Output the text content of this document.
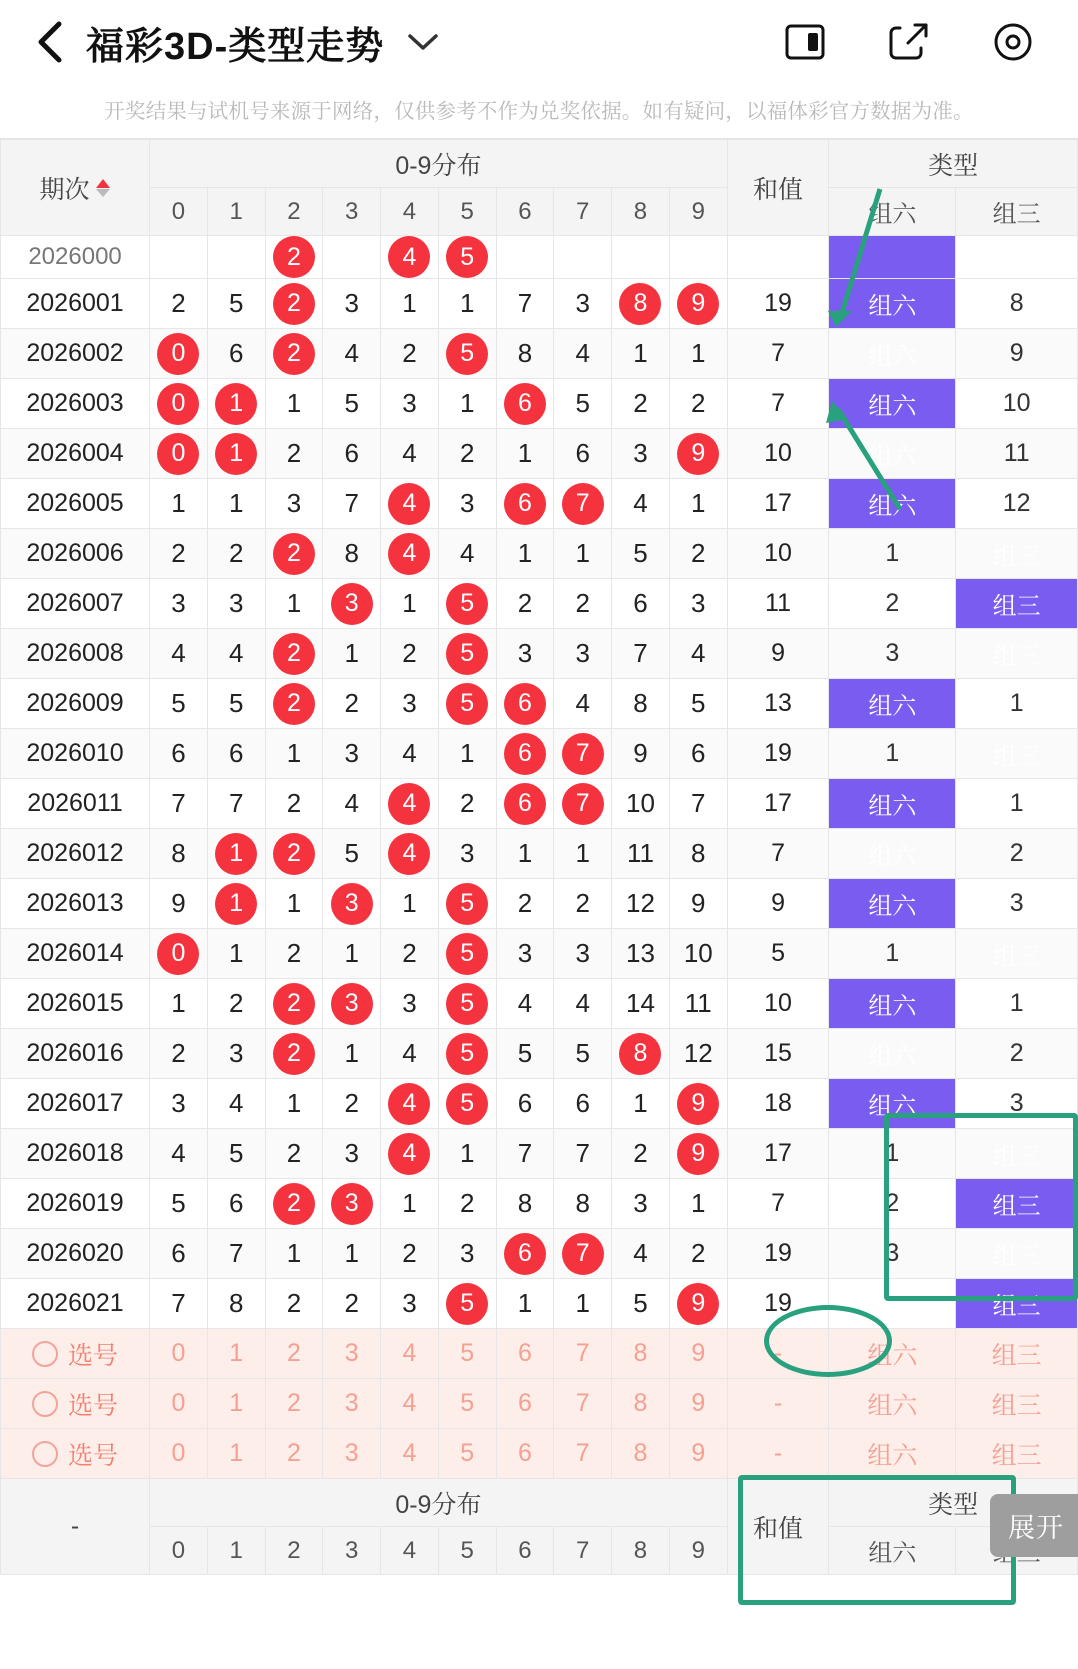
福彩3D-类型走势
开奖结果与试机号来源于网络，仅供参考不作为兑奖依据。如有疑问，以福体彩官方数据为准。
期次	0-9分布										和值	类型	
	0	1	2	3	4	5	6	7	8	9		组六	组三
2026000			2		4	5							
2026001	2	5	2	3	1	1	7	3	8	9	19	组六	8
2026002	0	6	2	4	2	5	8	4	1	1	7	组六	9
2026003	0	1	1	5	3	1	6	5	2	2	7	组六	10
2026004	0	1	2	6	4	2	1	6	3	9	10	组六	11
2026005	1	1	3	7	4	3	6	7	4	1	17	组六	12
2026006	2	2	2	8	4	4	1	1	5	2	10	1	组三
2026007	3	3	1	3	1	5	2	2	6	3	11	2	组三
2026008	4	4	2	1	2	5	3	3	7	4	9	3	组三
2026009	5	5	2	2	3	5	6	4	8	5	13	组六	1
2026010	6	6	1	3	4	1	6	7	9	6	19	1	组三
2026011	7	7	2	4	4	2	6	7	10	7	17	组六	1
2026012	8	1	2	5	4	3	1	1	11	8	7	组六	2
2026013	9	1	1	3	1	5	2	2	12	9	9	组六	3
2026014	0	1	2	1	2	5	3	3	13	10	5	1	组三
2026015	1	2	2	3	3	5	4	4	14	11	10	组六	1
2026016	2	3	2	1	4	5	5	5	8	12	15	组六	2
2026017	3	4	1	2	4	5	6	6	1	9	18	组六	3
2026018	4	5	2	3	4	1	7	7	2	9	17	1	组三
2026019	5	6	2	3	1	2	8	8	3	1	7	2	组三
2026020	6	7	1	1	2	3	6	7	4	2	19	3	组三
2026021	7	8	2	2	3	5	1	1	5	9	19		组三

选号	0	1	2	3	4	5	6	7	8	9	-	组六	组三

选号	0	1	2	3	4	5	6	7	8	9	-	组六	组三

选号	0	1	2	3	4	5	6	7	8	9	-	组六	组三
-	0-9分布										和值	类型	
	0	1	2	3	4	5	6	7	8	9		组六	
展开
